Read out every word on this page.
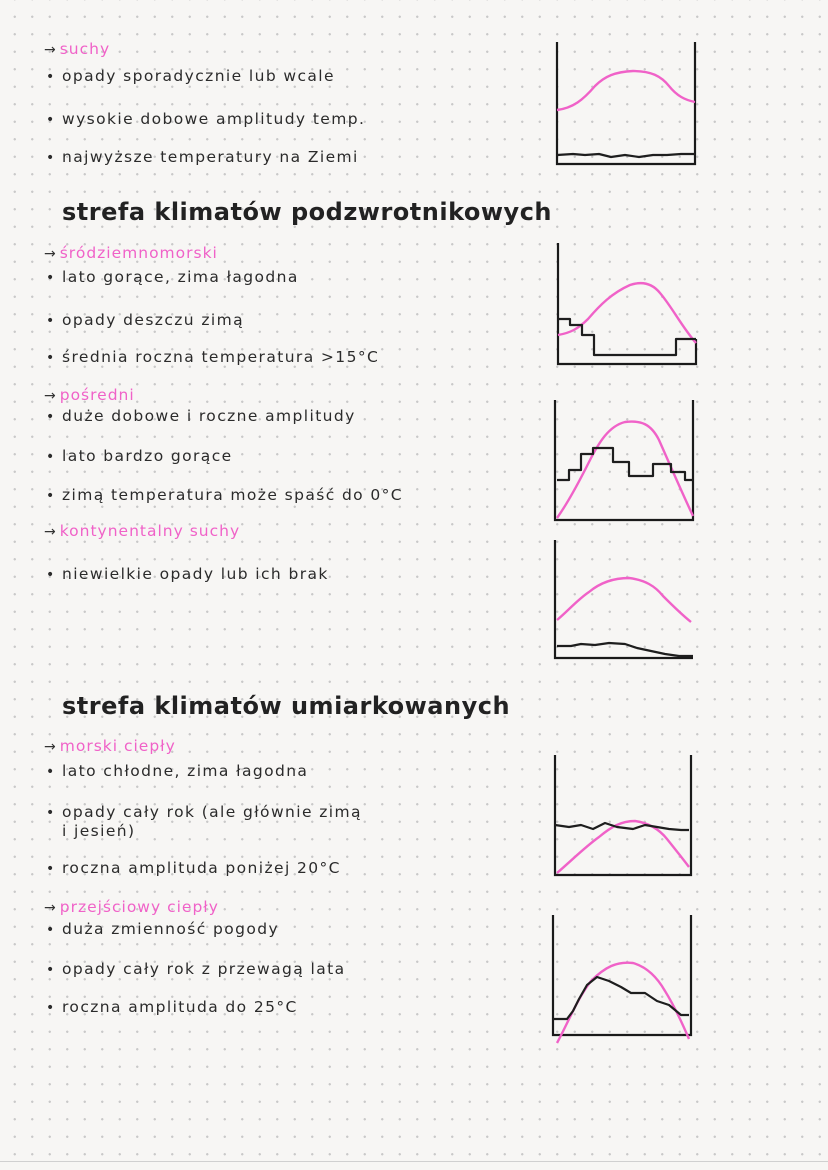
→ suchy

• opady sporadycznie lub wcale

• wysokie dobowe amplitudy temp.

• najwyższe temperatury na Ziemi

strefa klimatów podzwrotnikowych

→ śródziemnomorski

• lato gorące, zima łagodna

• opady deszczu zimą

• średnia roczna temperatura >15°C

→ pośredni

• duże dobowe i roczne amplitudy

• lato bardzo gorące

• zimą temperatura może spaść do 0°C

→ kontynentalny suchy

• niewielkie opady lub ich brak

strefa klimatów umiarkowanych

→ morski ciepły

• lato chłodne, zima łagodna

• opady cały rok (ale głównie zimą

i jesień)

• roczna amplituda poniżej 20°C

→ przejściowy ciepły

• duża zmienność pogody

• opady cały rok z przewagą lata

• roczna amplituda do 25°C
